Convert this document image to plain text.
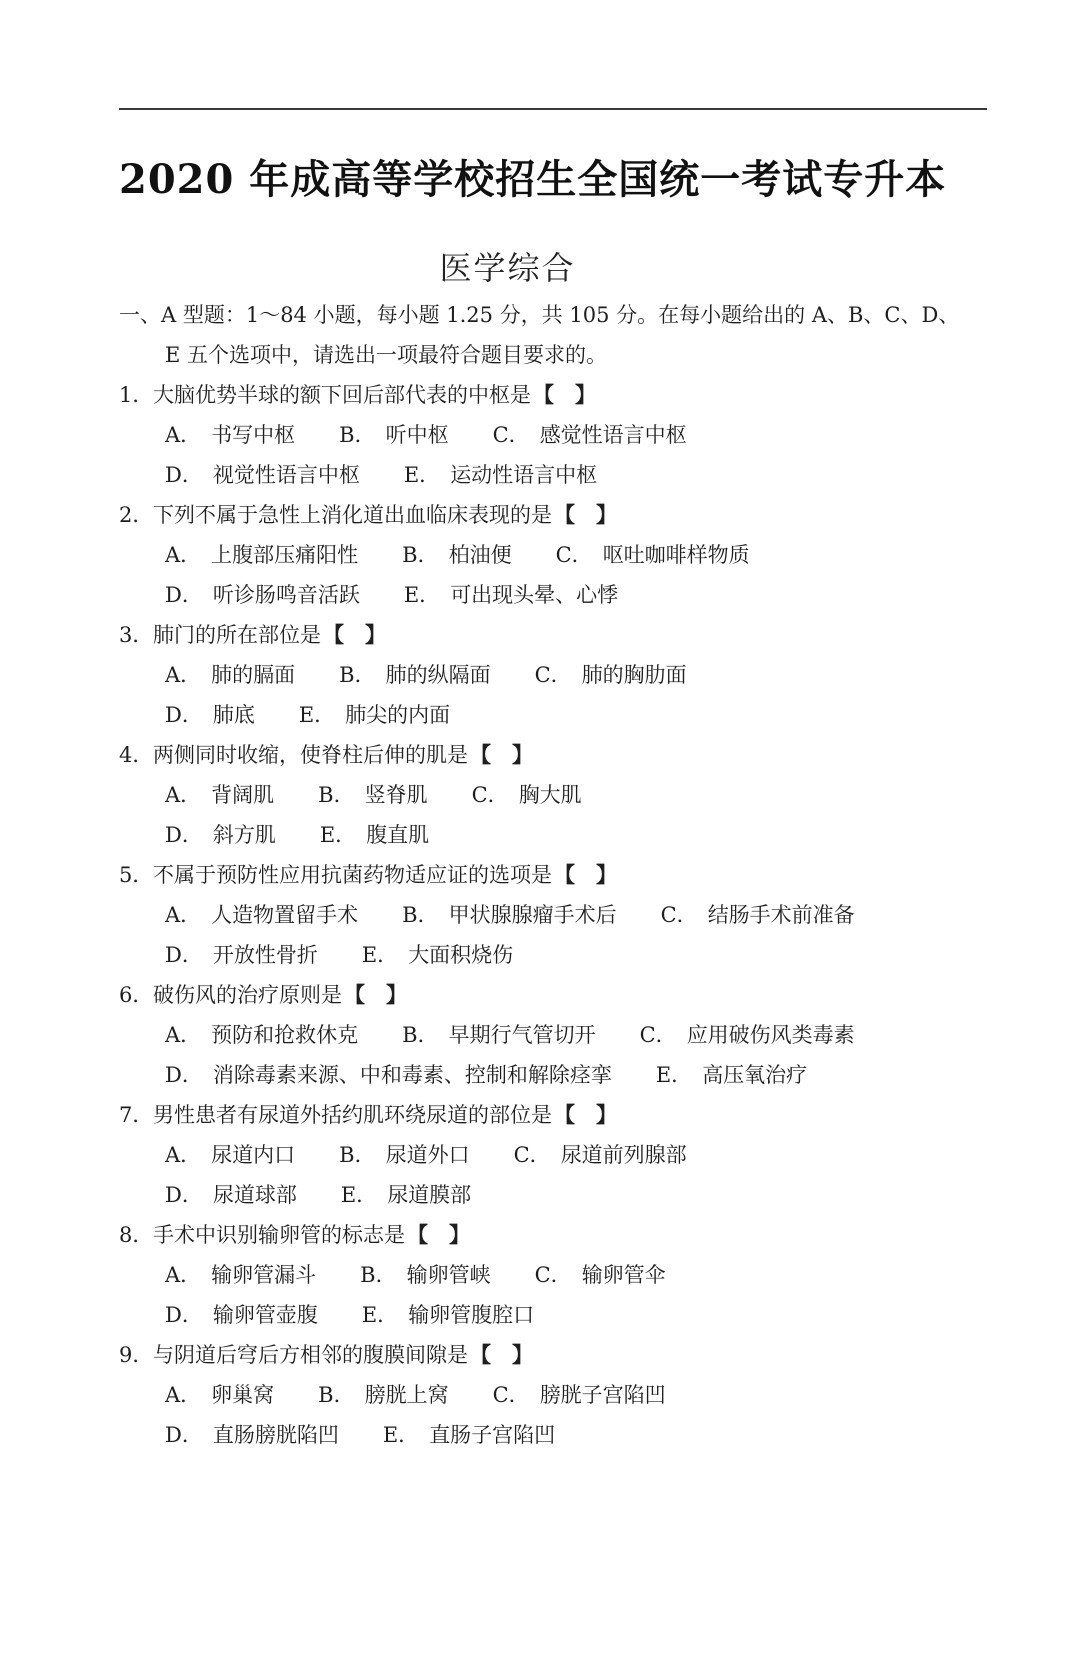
2020 年成高等学校招生全国统一考试专升本
医学综合
一、A 型题：1～84 小题，每小题 1.25 分，共 105 分。在每小题给出的 A、B、C、D、
E 五个选项中，请选出一项最符合题目要求的。
1．大脑优势半球的额下回后部代表的中枢是【　】
A． 书写中枢 B． 听中枢 C． 感觉性语言中枢
D． 视觉性语言中枢 E． 运动性语言中枢
2．下列不属于急性上消化道出血临床表现的是【　】
A． 上腹部压痛阳性 B． 柏油便 C． 呕吐咖啡样物质
D． 听诊肠鸣音活跃 E． 可出现头晕、心悸
3．肺门的所在部位是【　】
A． 肺的膈面 B． 肺的纵隔面 C． 肺的胸肋面
D． 肺底 E． 肺尖的内面
4．两侧同时收缩，使脊柱后伸的肌是【　】
A． 背阔肌 B． 竖脊肌 C． 胸大肌
D． 斜方肌 E． 腹直肌
5．不属于预防性应用抗菌药物适应证的选项是【　】
A． 人造物置留手术 B． 甲状腺腺瘤手术后 C． 结肠手术前准备
D． 开放性骨折 E． 大面积烧伤
6．破伤风的治疗原则是【　】
A． 预防和抢救休克 B． 早期行气管切开 C． 应用破伤风类毒素
D． 消除毒素来源、中和毒素、控制和解除痉挛 E． 高压氧治疗
7．男性患者有尿道外括约肌环绕尿道的部位是【　】
A． 尿道内口 B． 尿道外口 C． 尿道前列腺部
D． 尿道球部 E． 尿道膜部
8．手术中识别输卵管的标志是【　】
A． 输卵管漏斗 B． 输卵管峡 C． 输卵管伞
D． 输卵管壶腹 E． 输卵管腹腔口
9．与阴道后穹后方相邻的腹膜间隙是【　】
A． 卵巢窝 B． 膀胱上窝 C． 膀胱子宫陷凹
D． 直肠膀胱陷凹 E． 直肠子宫陷凹
